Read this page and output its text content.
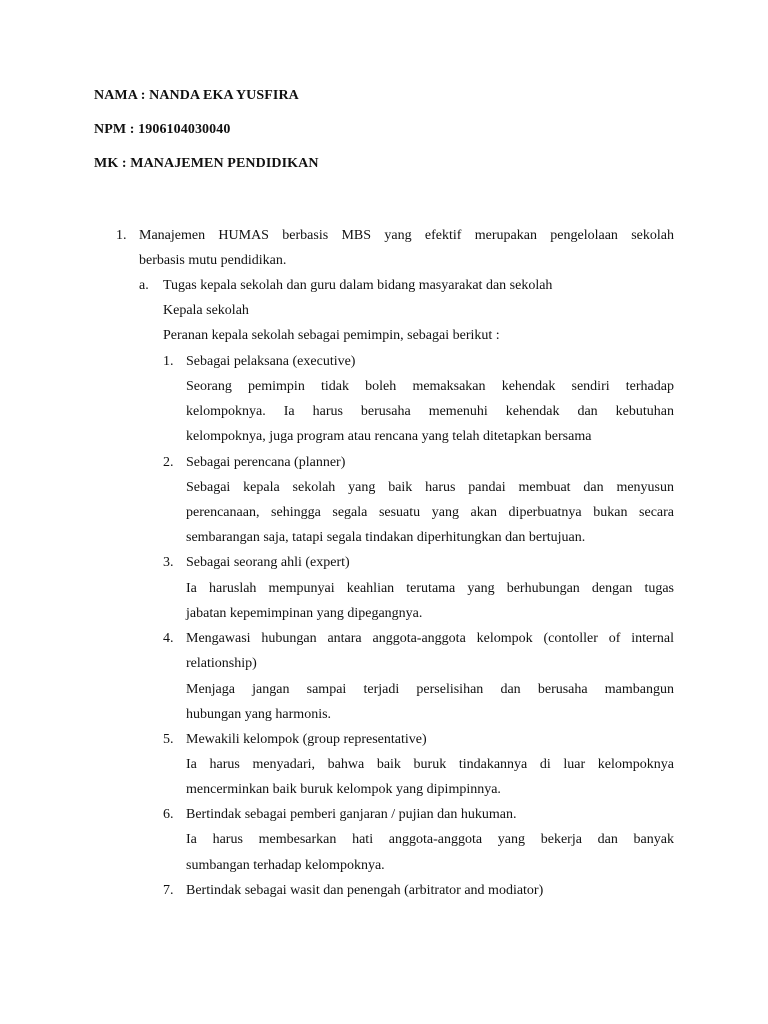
NAMA : NANDA EKA YUSFIRA
NPM : 1906104030040
MK : MANAJEMEN PENDIDIKAN
1. Manajemen HUMAS berbasis MBS yang efektif merupakan pengelolaan sekolah
berbasis mutu pendidikan.
a. Tugas kepala sekolah dan guru dalam bidang masyarakat dan sekolah
Kepala sekolah
Peranan kepala sekolah sebagai pemimpin, sebagai berikut :
1. Sebagai pelaksana (executive)
Seorang pemimpin tidak boleh memaksakan kehendak sendiri terhadap
kelompoknya. Ia harus berusaha memenuhi kehendak dan kebutuhan
kelompoknya, juga program atau rencana yang telah ditetapkan bersama
2. Sebagai perencana (planner)
Sebagai kepala sekolah yang baik harus pandai membuat dan menyusun
perencanaan, sehingga segala sesuatu yang akan diperbuatnya bukan secara
sembarangan saja, tatapi segala tindakan diperhitungkan dan bertujuan.
3. Sebagai seorang ahli (expert)
Ia haruslah mempunyai keahlian terutama yang berhubungan dengan tugas
jabatan kepemimpinan yang dipegangnya.
4. Mengawasi hubungan antara anggota-anggota kelompok (contoller of internal
relationship)
Menjaga jangan sampai terjadi perselisihan dan berusaha mambangun
hubungan yang harmonis.
5. Mewakili kelompok (group representative)
Ia harus menyadari, bahwa baik buruk tindakannya di luar kelompoknya
mencerminkan baik buruk kelompok yang dipimpinnya.
6. Bertindak sebagai pemberi ganjaran / pujian dan hukuman.
Ia harus membesarkan hati anggota-anggota yang bekerja dan banyak
sumbangan terhadap kelompoknya.
7. Bertindak sebagai wasit dan penengah (arbitrator and modiator)
